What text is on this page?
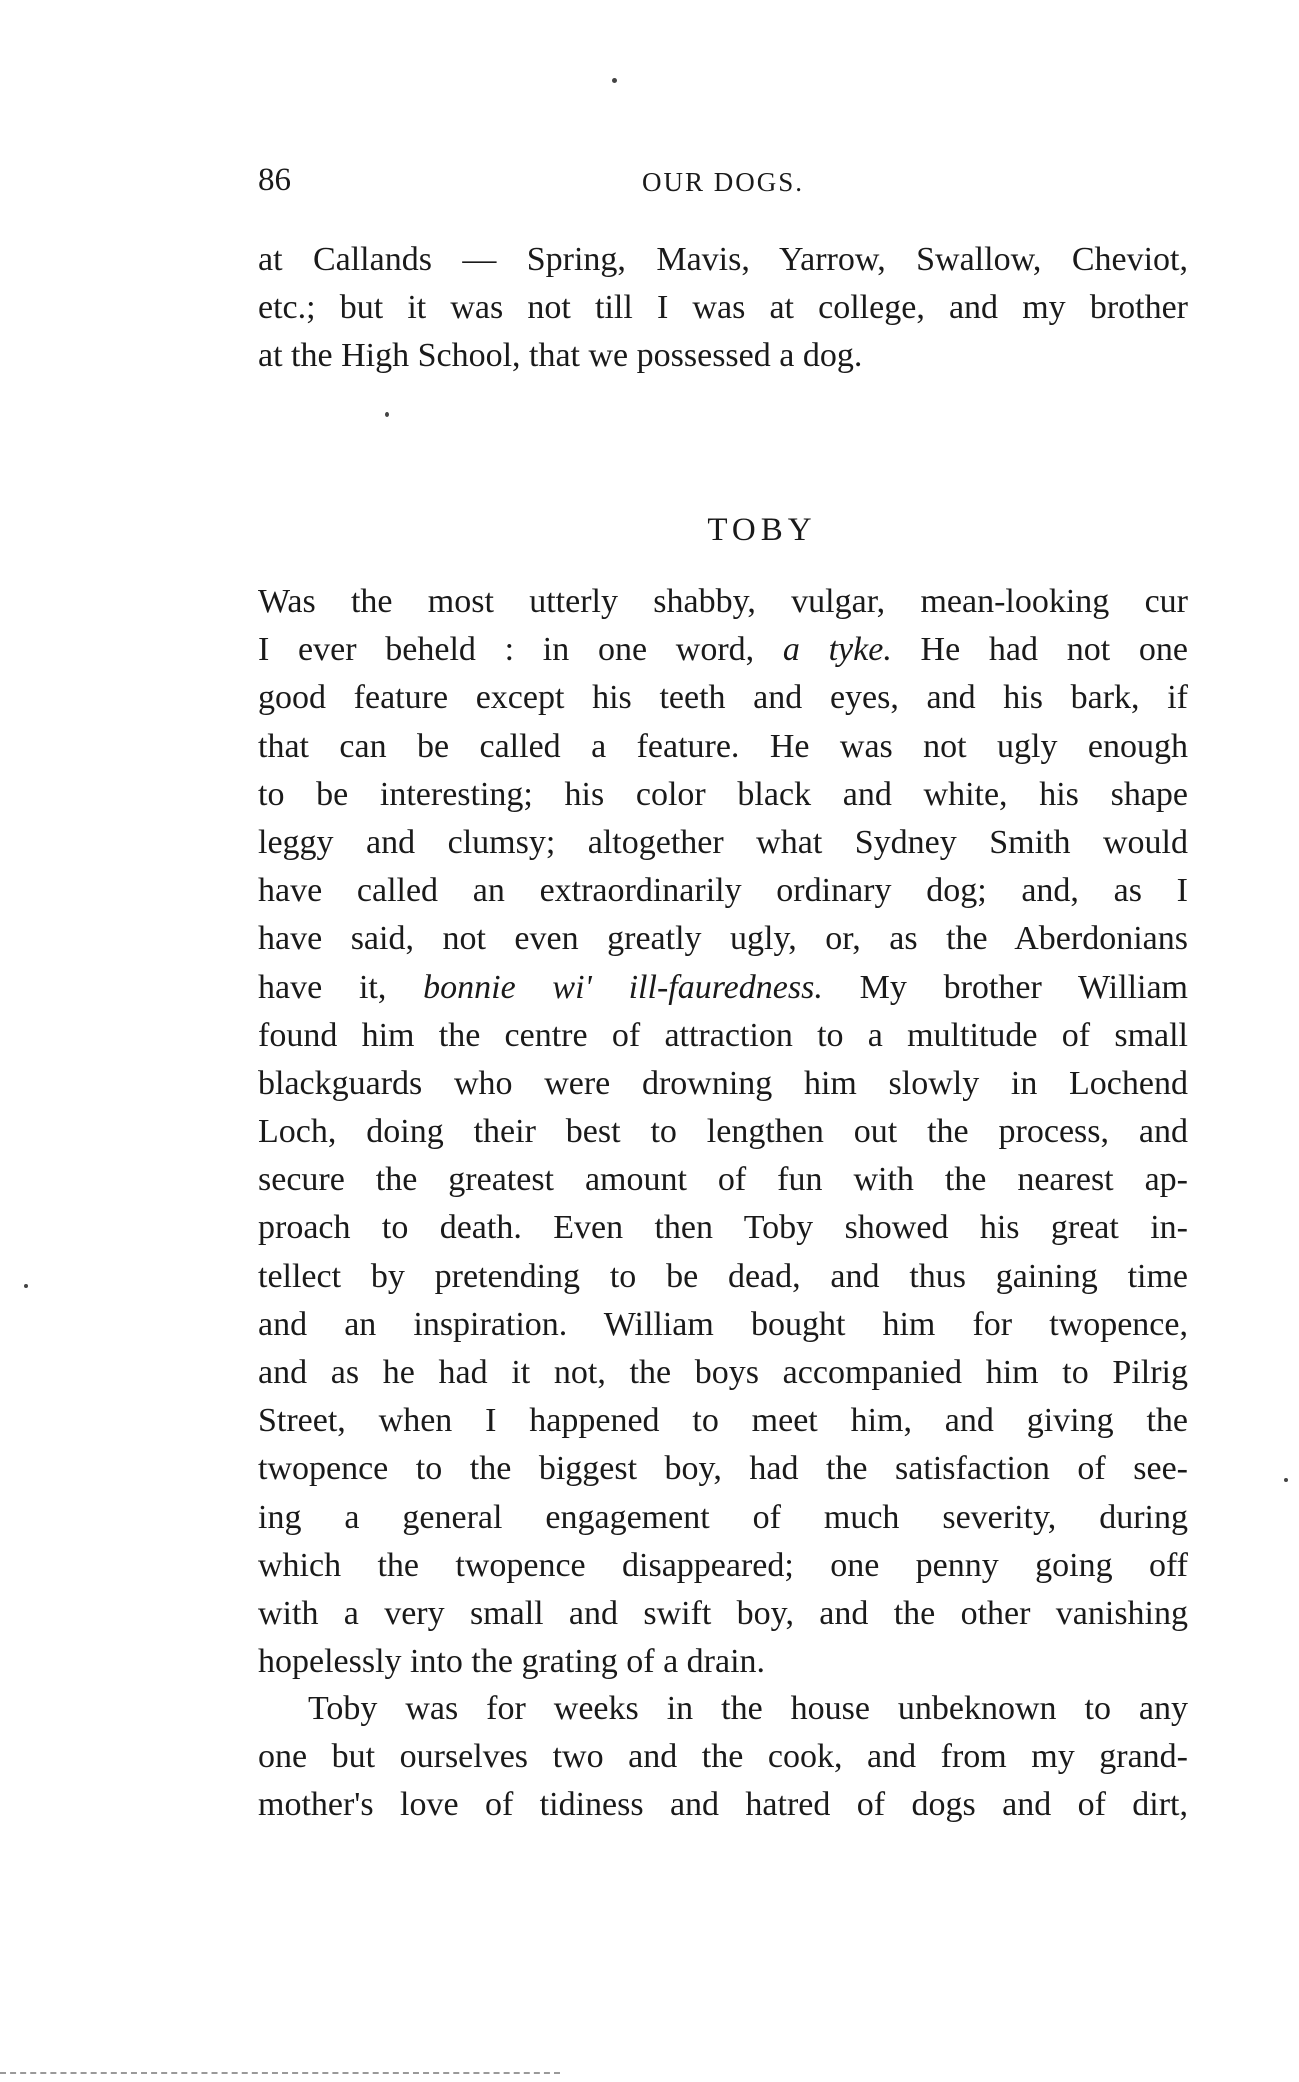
86	OUR DOGS.
at Callands — Spring, Mavis, Yarrow, Swallow, Cheviot,
etc.; but it was not till I was at college, and my brother
at the High School, that we possessed a dog.
TOBY
Was the most utterly shabby, vulgar, mean-looking cur
I ever beheld : in one word, a tyke. He had not one
good feature except his teeth and eyes, and his bark, if
that can be called a feature. He was not ugly enough
to be interesting; his color black and white, his shape
leggy and clumsy; altogether what Sydney Smith would
have called an extraordinarily ordinary dog; and, as I
have said, not even greatly ugly, or, as the Aberdonians
have it, bonnie wi' ill-fauredness. My brother William
found him the centre of attraction to a multitude of small
blackguards who were drowning him slowly in Lochend
Loch, doing their best to lengthen out the process, and
secure the greatest amount of fun with the nearest ap-
proach to death. Even then Toby showed his great in-
tellect by pretending to be dead, and thus gaining time
and an inspiration. William bought him for twopence,
and as he had it not, the boys accompanied him to Pilrig
Street, when I happened to meet him, and giving the
twopence to the biggest boy, had the satisfaction of see-
ing a general engagement of much severity, during
which the twopence disappeared; one penny going off
with a very small and swift boy, and the other vanishing
hopelessly into the grating of a drain.
Toby was for weeks in the house unbeknown to any
one but ourselves two and the cook, and from my grand-
mother's love of tidiness and hatred of dogs and of dirt,
